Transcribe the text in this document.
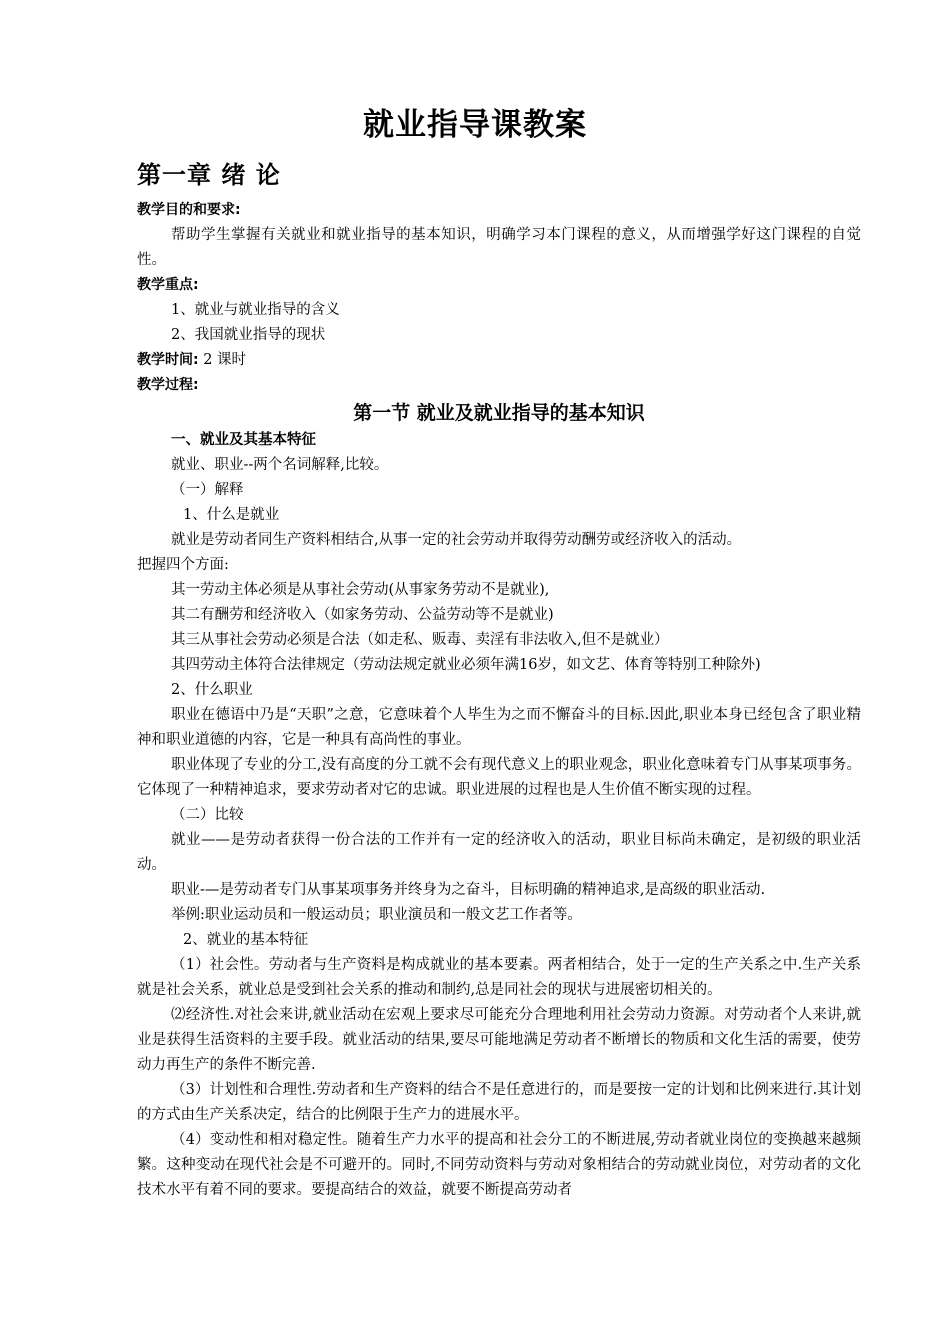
就业指导课教案
第一章 绪 论

教学目的和要求:

帮助学生掌握有关就业和就业指导的基本知识，明确学习本门课程的意义，从而增强学好这门课程的自觉性。

教学重点:

1、就业与就业指导的含义

2、我国就业指导的现状

教学时间: 2 课时

教学过程:

第一节 就业及就业指导的基本知识

一、就业及其基本特征

就业、职业--两个名词解释,比较。

（一）解释

1、什么是就业

就业是劳动者同生产资料相结合,从事一定的社会劳动并取得劳动酬劳或经济收入的活动。

把握四个方面:

其一劳动主体必须是从事社会劳动(从事家务劳动不是就业),

其二有酬劳和经济收入（如家务劳动、公益劳动等不是就业)

其三从事社会劳动必须是合法（如走私、贩毒、卖淫有非法收入,但不是就业）

其四劳动主体符合法律规定（劳动法规定就业必须年满16岁，如文艺、体育等特别工种除外)

2、什么职业

职业在德语中乃是“天职”之意，它意味着个人毕生为之而不懈奋斗的目标.因此,职业本身已经包含了职业精神和职业道德的内容，它是一种具有高尚性的事业。

职业体现了专业的分工,没有高度的分工就不会有现代意义上的职业观念，职业化意味着专门从事某项事务。它体现了一种精神追求，要求劳动者对它的忠诚。职业进展的过程也是人生价值不断实现的过程。

（二）比较

就业——是劳动者获得一份合法的工作并有一定的经济收入的活动，职业目标尚未确定，是初级的职业活动。

职业-—是劳动者专门从事某项事务并终身为之奋斗，目标明确的精神追求,是高级的职业活动.

举例:职业运动员和一般运动员；职业演员和一般文艺工作者等。

2、就业的基本特征

（1）社会性。劳动者与生产资料是构成就业的基本要素。两者相结合，处于一定的生产关系之中.生产关系就是社会关系，就业总是受到社会关系的推动和制约,总是同社会的现状与进展密切相关的。

⑵经济性.对社会来讲,就业活动在宏观上要求尽可能充分合理地利用社会劳动力资源。对劳动者个人来讲,就业是获得生活资料的主要手段。就业活动的结果,要尽可能地满足劳动者不断增长的物质和文化生活的需要，使劳动力再生产的条件不断完善.

（3）计划性和合理性.劳动者和生产资料的结合不是任意进行的，而是要按一定的计划和比例来进行.其计划的方式由生产关系决定，结合的比例限于生产力的进展水平。

（4）变动性和相对稳定性。随着生产力水平的提高和社会分工的不断进展,劳动者就业岗位的变换越来越频繁。这种变动在现代社会是不可避开的。同时,不同劳动资料与劳动对象相结合的劳动就业岗位，对劳动者的文化技术水平有着不同的要求。要提高结合的效益，就要不断提高劳动者
